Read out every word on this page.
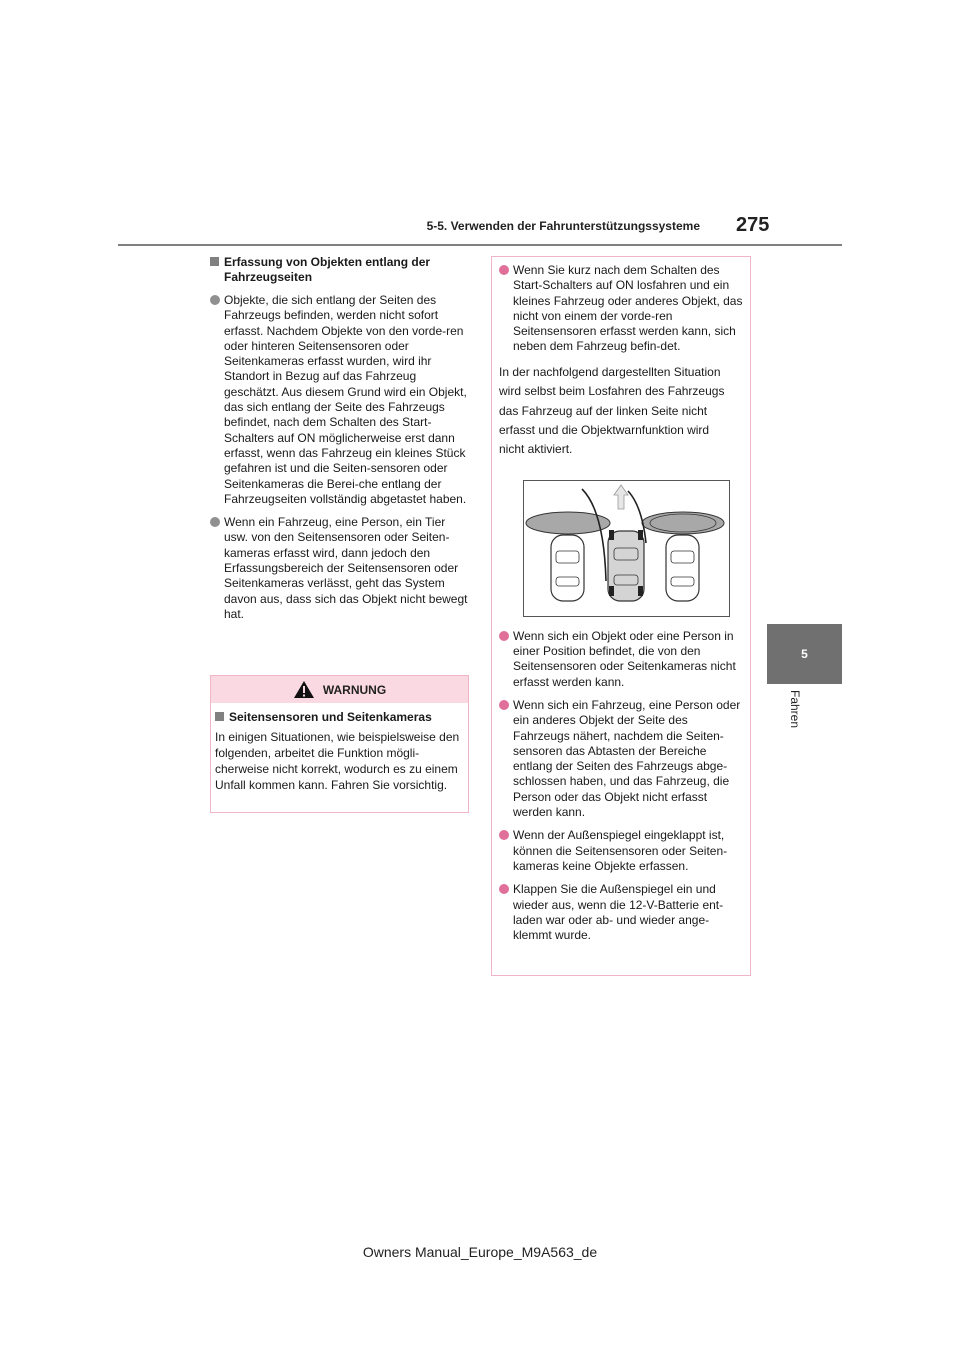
5-5. Verwenden der Fahrunterstützungssysteme 275
5
Fahren
Erfassung von Objekten entlang der Fahrzeugseiten
Objekte, die sich entlang der Seiten des Fahrzeugs befinden, werden nicht sofort erfasst. Nachdem Objekte von den vorde-ren oder hinteren Seitensensoren oder Seitenkameras erfasst wurden, wird ihr Standort in Bezug auf das Fahrzeug geschätzt. Aus diesem Grund wird ein Objekt, das sich entlang der Seite des Fahrzeugs befindet, nach dem Schalten des Start-Schalters auf ON möglicherweise erst dann erfasst, wenn das Fahrzeug ein kleines Stück gefahren ist und die Seiten-sensoren oder Seitenkameras die Berei-che entlang der Fahrzeugseiten vollständig abgetastet haben.
Wenn ein Fahrzeug, eine Person, ein Tier usw. von den Seitensensoren oder Seiten-kameras erfasst wird, dann jedoch den Erfassungsbereich der Seitensensoren oder Seitenkameras verlässt, geht das System davon aus, dass sich das Objekt nicht bewegt hat.
WARNUNG
Seitensensoren und Seitenkameras
In einigen Situationen, wie beispielsweise den folgenden, arbeitet die Funktion mögli-cherweise nicht korrekt, wodurch es zu einem Unfall kommen kann. Fahren Sie vorsichtig.
Wenn Sie kurz nach dem Schalten des Start-Schalters auf ON losfahren und ein kleines Fahrzeug oder anderes Objekt, das nicht von einem der vorde-ren Seitensensoren erfasst werden kann, sich neben dem Fahrzeug befin-det.
In der nachfolgend dargestellten Situation
wird selbst beim Losfahren des Fahrzeugs
das Fahrzeug auf der linken Seite nicht
erfasst und die Objektwarnfunktion wird
nicht aktiviert.
Wenn sich ein Objekt oder eine Person in einer Position befindet, die von den Seitensensoren oder Seitenkameras nicht erfasst werden kann.
Wenn sich ein Fahrzeug, eine Person oder ein anderes Objekt der Seite des Fahrzeugs nähert, nachdem die Seiten-sensoren das Abtasten der Bereiche entlang der Seiten des Fahrzeugs abge-schlossen haben, und das Fahrzeug, die Person oder das Objekt nicht erfasst werden kann.
Wenn der Außenspiegel eingeklappt ist, können die Seitensensoren oder Seiten-kameras keine Objekte erfassen.
Klappen Sie die Außenspiegel ein und wieder aus, wenn die 12-V-Batterie ent-laden war oder ab- und wieder ange-klemmt wurde.
Owners Manual_Europe_M9A563_de
